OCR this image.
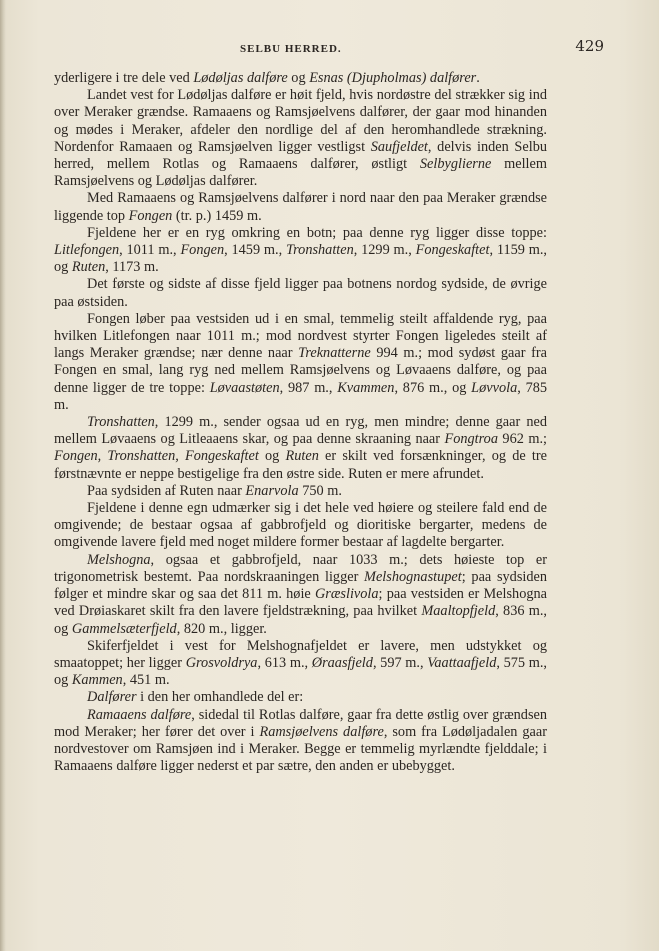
SELBU HERRED.	429

yderligere i tre dele ved Lødøljas dalføre og Esnas (Djupholmas) dalfører.

Landet vest for Lødøljas dalføre er høit fjeld, hvis nordøstre del strækker sig ind over Meraker grændse. Ramaaens og Ramsjøelvens dalfører, der gaar mod hinanden og mødes i Meraker, afdeler den nordlige del af den heromhandlede strækning. Nordenfor Ramaaen og Ramsjøelven ligger vestligst Saufjeldet, delvis inden Selbu herred, mellem Rotlas og Ramaaens dalfører, østligt Selbyglierne mellem Ramsjøelvens og Lødøljas dalfører.

Med Ramaaens og Ramsjøelvens dalfører i nord naar den paa Meraker grændse liggende top Fongen (tr. p.) 1459 m.

Fjeldene her er en ryg omkring en botn; paa denne ryg ligger disse toppe: Litlefongen, 1011 m., Fongen, 1459 m., Tronshatten, 1299 m., Fongeskaftet, 1159 m., og Ruten, 1173 m.

Det første og sidste af disse fjeld ligger paa botnens nordog sydside, de øvrige paa østsiden.

Fongen løber paa vestsiden ud i en smal, temmelig steilt affaldende ryg, paa hvilken Litlefongen naar 1011 m.; mod nordvest styrter Fongen ligeledes steilt af langs Meraker grændse; nær denne naar Treknatterne 994 m.; mod sydøst gaar fra Fongen en smal, lang ryg ned mellem Ramsjøelvens og Løvaaens dalføre, og paa denne ligger de tre toppe: Løvaastøten, 987 m., Kvammen, 876 m., og Løvvola, 785 m.

Tronshatten, 1299 m., sender ogsaa ud en ryg, men mindre; denne gaar ned mellem Løvaaens og Litleaaens skar, og paa denne skraaning naar Fongtroa 962 m.; Fongen, Tronshatten, Fongeskaftet og Ruten er skilt ved forsænkninger, og de tre førstnævnte er neppe bestigelige fra den østre side. Ruten er mere afrundet.

Paa sydsiden af Ruten naar Enarvola 750 m.

Fjeldene i denne egn udmærker sig i det hele ved høiere og steilere fald end de omgivende; de bestaar ogsaa af gabbrofjeld og dioritiske bergarter, medens de omgivende lavere fjeld med noget mildere former bestaar af lagdelte bergarter.

Melshogna, ogsaa et gabbrofjeld, naar 1033 m.; dets høieste top er trigonometrisk bestemt. Paa nordskraaningen ligger Melshognastupet; paa sydsiden følger et mindre skar og saa det 811 m. høie Græslivola; paa vestsiden er Melshogna ved Drøiaskaret skilt fra den lavere fjeldstrækning, paa hvilket Maaltopfjeld, 836 m., og Gammelsæterfjeld, 820 m., ligger.

Skiferfjeldet i vest for Melshognafjeldet er lavere, men udstykket og smaatoppet; her ligger Grosvoldrya, 613 m., Øraasfjeld, 597 m., Vaattaafjeld, 575 m., og Kammen, 451 m.

Dalfører i den her omhandlede del er:

Ramaaens dalføre, sidedal til Rotlas dalføre, gaar fra dette østlig over grændsen mod Meraker; her fører det over i Ramsjøelvens dalføre, som fra Lødøljadalen gaar nordvestover om Ramsjøen ind i Meraker. Begge er temmelig myrlændte fjelddale; i Ramaaens dalføre ligger nederst et par sætre, den anden er ubebygget.
